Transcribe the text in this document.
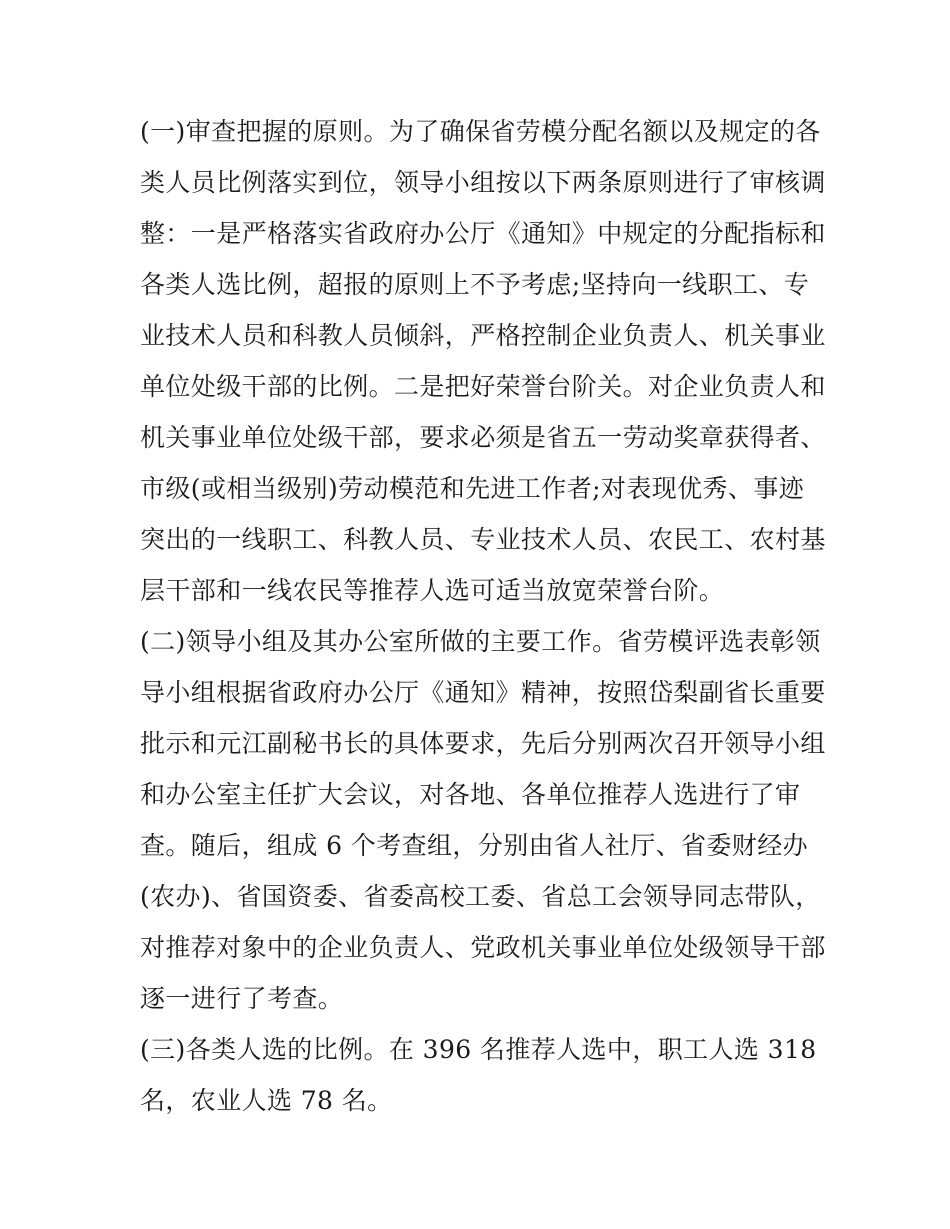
(一)审查把握的原则。为了确保省劳模分配名额以及规定的各
类人员比例落实到位，领导小组按以下两条原则进行了审核调
整：一是严格落实省政府办公厅《通知》中规定的分配指标和
各类人选比例，超报的原则上不予考虑;坚持向一线职工、专
业技术人员和科教人员倾斜，严格控制企业负责人、机关事业
单位处级干部的比例。二是把好荣誉台阶关。对企业负责人和
机关事业单位处级干部，要求必须是省五一劳动奖章获得者、
市级(或相当级别)劳动模范和先进工作者;对表现优秀、事迹
突出的一线职工、科教人员、专业技术人员、农民工、农村基
层干部和一线农民等推荐人选可适当放宽荣誉台阶。
(二)领导小组及其办公室所做的主要工作。省劳模评选表彰领
导小组根据省政府办公厅《通知》精神，按照岱梨副省长重要
批示和元江副秘书长的具体要求，先后分别两次召开领导小组
和办公室主任扩大会议，对各地、各单位推荐人选进行了审
查。随后，组成 6 个考查组，分别由省人社厅、省委财经办
(农办)、省国资委、省委高校工委、省总工会领导同志带队，
对推荐对象中的企业负责人、党政机关事业单位处级领导干部
逐一进行了考查。
(三)各类人选的比例。在 396 名推荐人选中，职工人选 318
名，农业人选 78 名。
